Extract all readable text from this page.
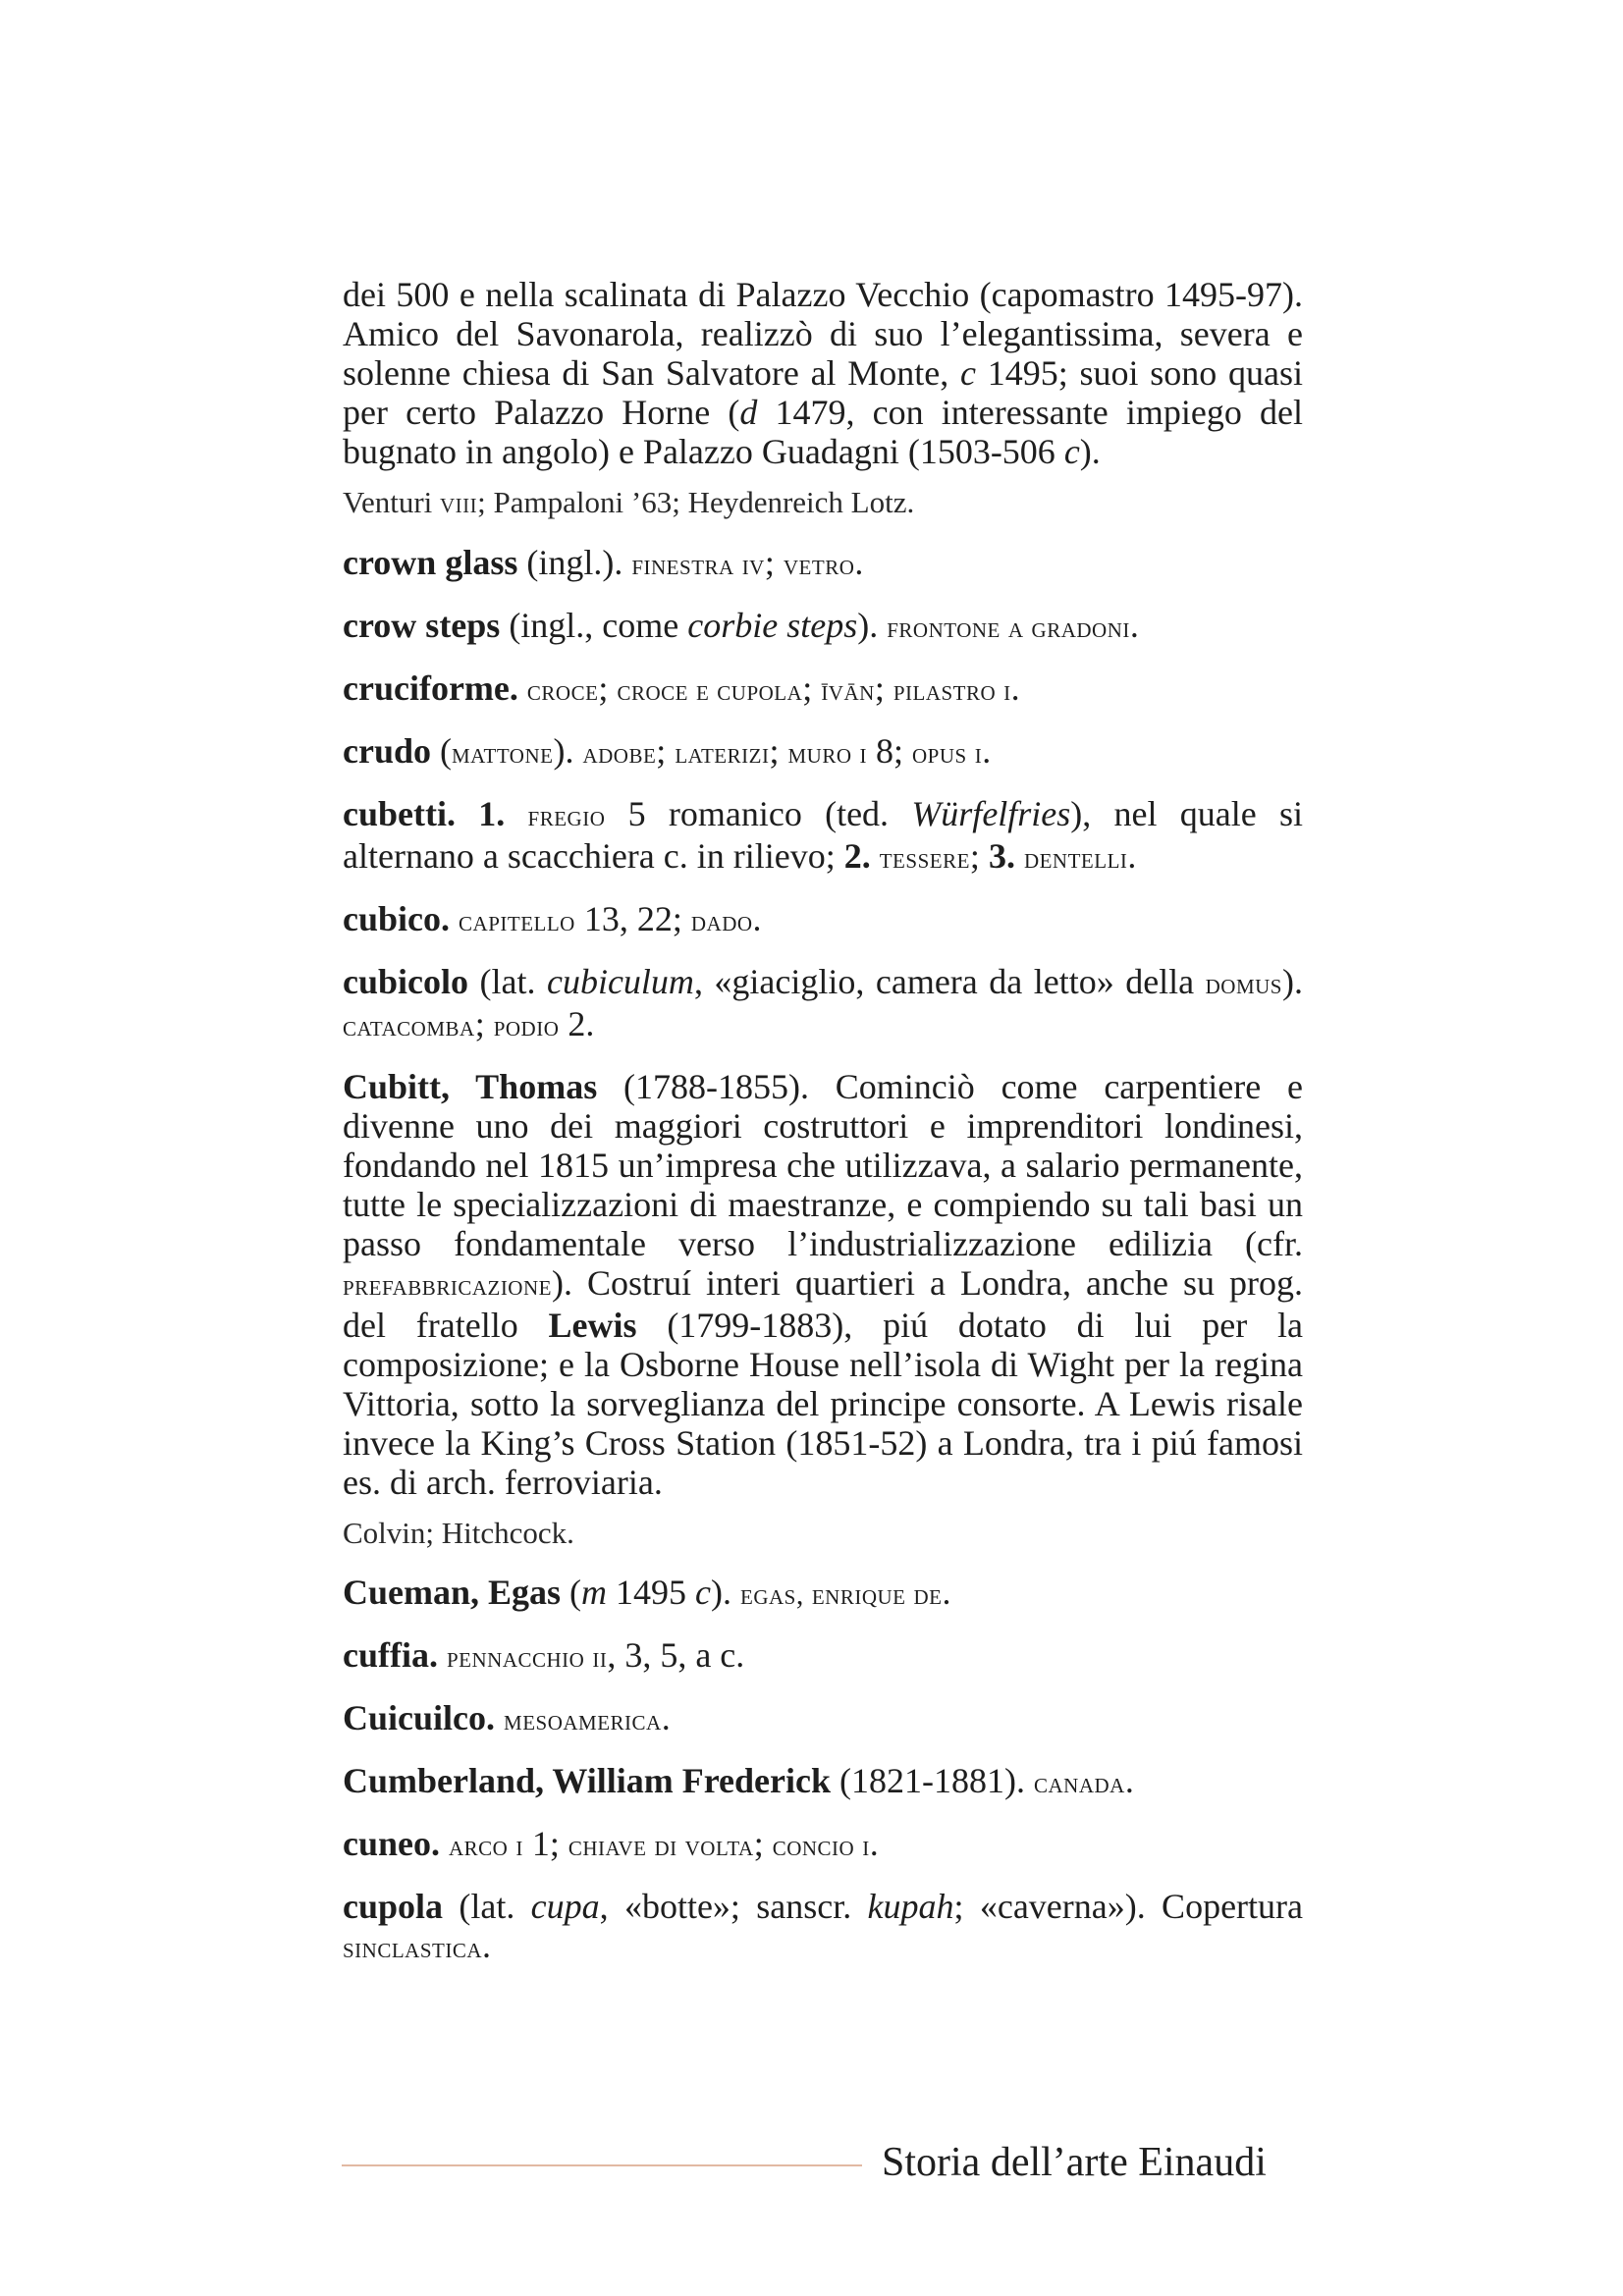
dei 500 e nella scalinata di Palazzo Vecchio (capomastro 1495-97). Amico del Savonarola, realizzò di suo l’elegantissima, severa e solenne chiesa di San Salvatore al Monte, c 1495; suoi sono quasi per certo Palazzo Horne (d 1479, con interessante impiego del bugnato in angolo) e Palazzo Guadagni (1503-506 c).

Venturi viii; Pampaloni ’63; Heydenreich Lotz.

crown glass (ingl.). finestra iv; vetro.

crow steps (ingl., come corbie steps). frontone a gradoni.

cruciforme. croce; croce e cupola; īvān; pilastro i.

crudo (mattone). adobe; laterizi; muro i 8; opus i.

cubetti. 1. fregio 5 romanico (ted. Würfelfries), nel quale si alternano a scacchiera c. in rilievo; 2. tessere; 3. dentelli.

cubico. capitello 13, 22; dado.

cubicolo (lat. cubiculum, «giaciglio, camera da letto» della domus). catacomba; podio 2.

Cubitt, Thomas (1788-1855). Cominciò come carpentiere e divenne uno dei maggiori costruttori e imprenditori londinesi, fondando nel 1815 un’impresa che utilizzava, a salario permanente, tutte le specializzazioni di maestranze, e compiendo su tali basi un passo fondamentale verso l’industrializzazione edilizia (cfr. prefabbricazione). Costruí interi quartieri a Londra, anche su prog. del fratello Lewis (1799-1883), piú dotato di lui per la composizione; e la Osborne House nell’isola di Wight per la regina Vittoria, sotto la sorveglianza del principe consorte. A Lewis risale invece la King’s Cross Station (1851-52) a Londra, tra i piú famosi es. di arch. ferroviaria.

Colvin; Hitchcock.

Cueman, Egas (m 1495 c). egas, enrique de.

cuffia. pennacchio ii, 3, 5, a c.

Cuicuilco. mesoamerica.

Cumberland, William Frederick (1821-1881). canada.

cuneo. arco i 1; chiave di volta; concio i.

cupola (lat. cupa, «botte»; sanscr. kupah; «caverna»). Copertura sinclastica.

Storia dell’arte Einaudi
